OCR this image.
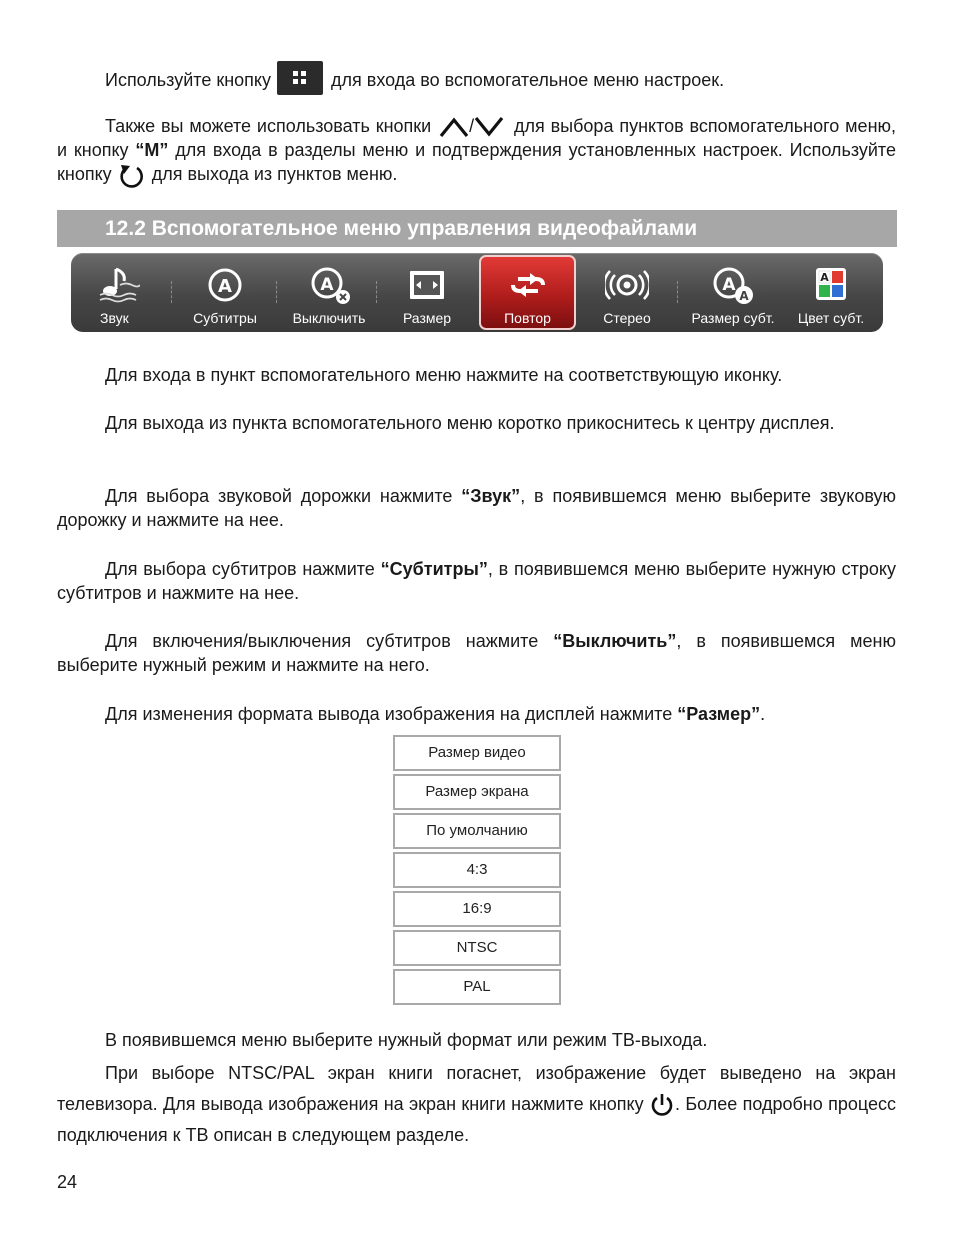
Используйте кнопку	для входа во вспомогательное меню настроек.

Также вы можете использовать кнопки / для выбора пунктов вспомогательного меню, и кнопку “M” для входа в разделы меню и подтверждения установленных настроек. Используйте кнопку для выхода из пунктов меню.

12.2 Вспомогательное меню управления видеофайлами
Звук
A
Субтитры
A
Выключить	Размер	Повтор	Стерео
A
A
Размер субт.
A
Цвет субт.

Для входа в пункт вспомогательного меню нажмите на соответствующую иконку.

Для выхода из пункта вспомогательного меню коротко прикоснитесь к центру дисплея.

Для выбора звуковой дорожки нажмите “Звук”, в появившемся меню выберите звуковую дорожку и нажмите на нее.

Для выбора субтитров нажмите “Субтитры”, в появившемся меню выберите нужную строку субтитров и нажмите на нее.

Для включения/выключения субтитров нажмите “Выключить”, в появившемся меню выберите нужный режим и нажмите на него.

Для изменения формата вывода изображения на дисплей нажмите “Размер”.

Размер видео
Размер экрана
По умолчанию
4:3
16:9
NTSC
PAL

В появившемся меню выберите нужный формат или режим ТВ-выхода.

При выборе NTSC/PAL экран книги погаснет, изображение будет выведено на экран телевизора. Для вывода изображения на экран книги нажмите кнопку . Более подробно процесс подключения к ТВ описан в следующем разделе.

24
